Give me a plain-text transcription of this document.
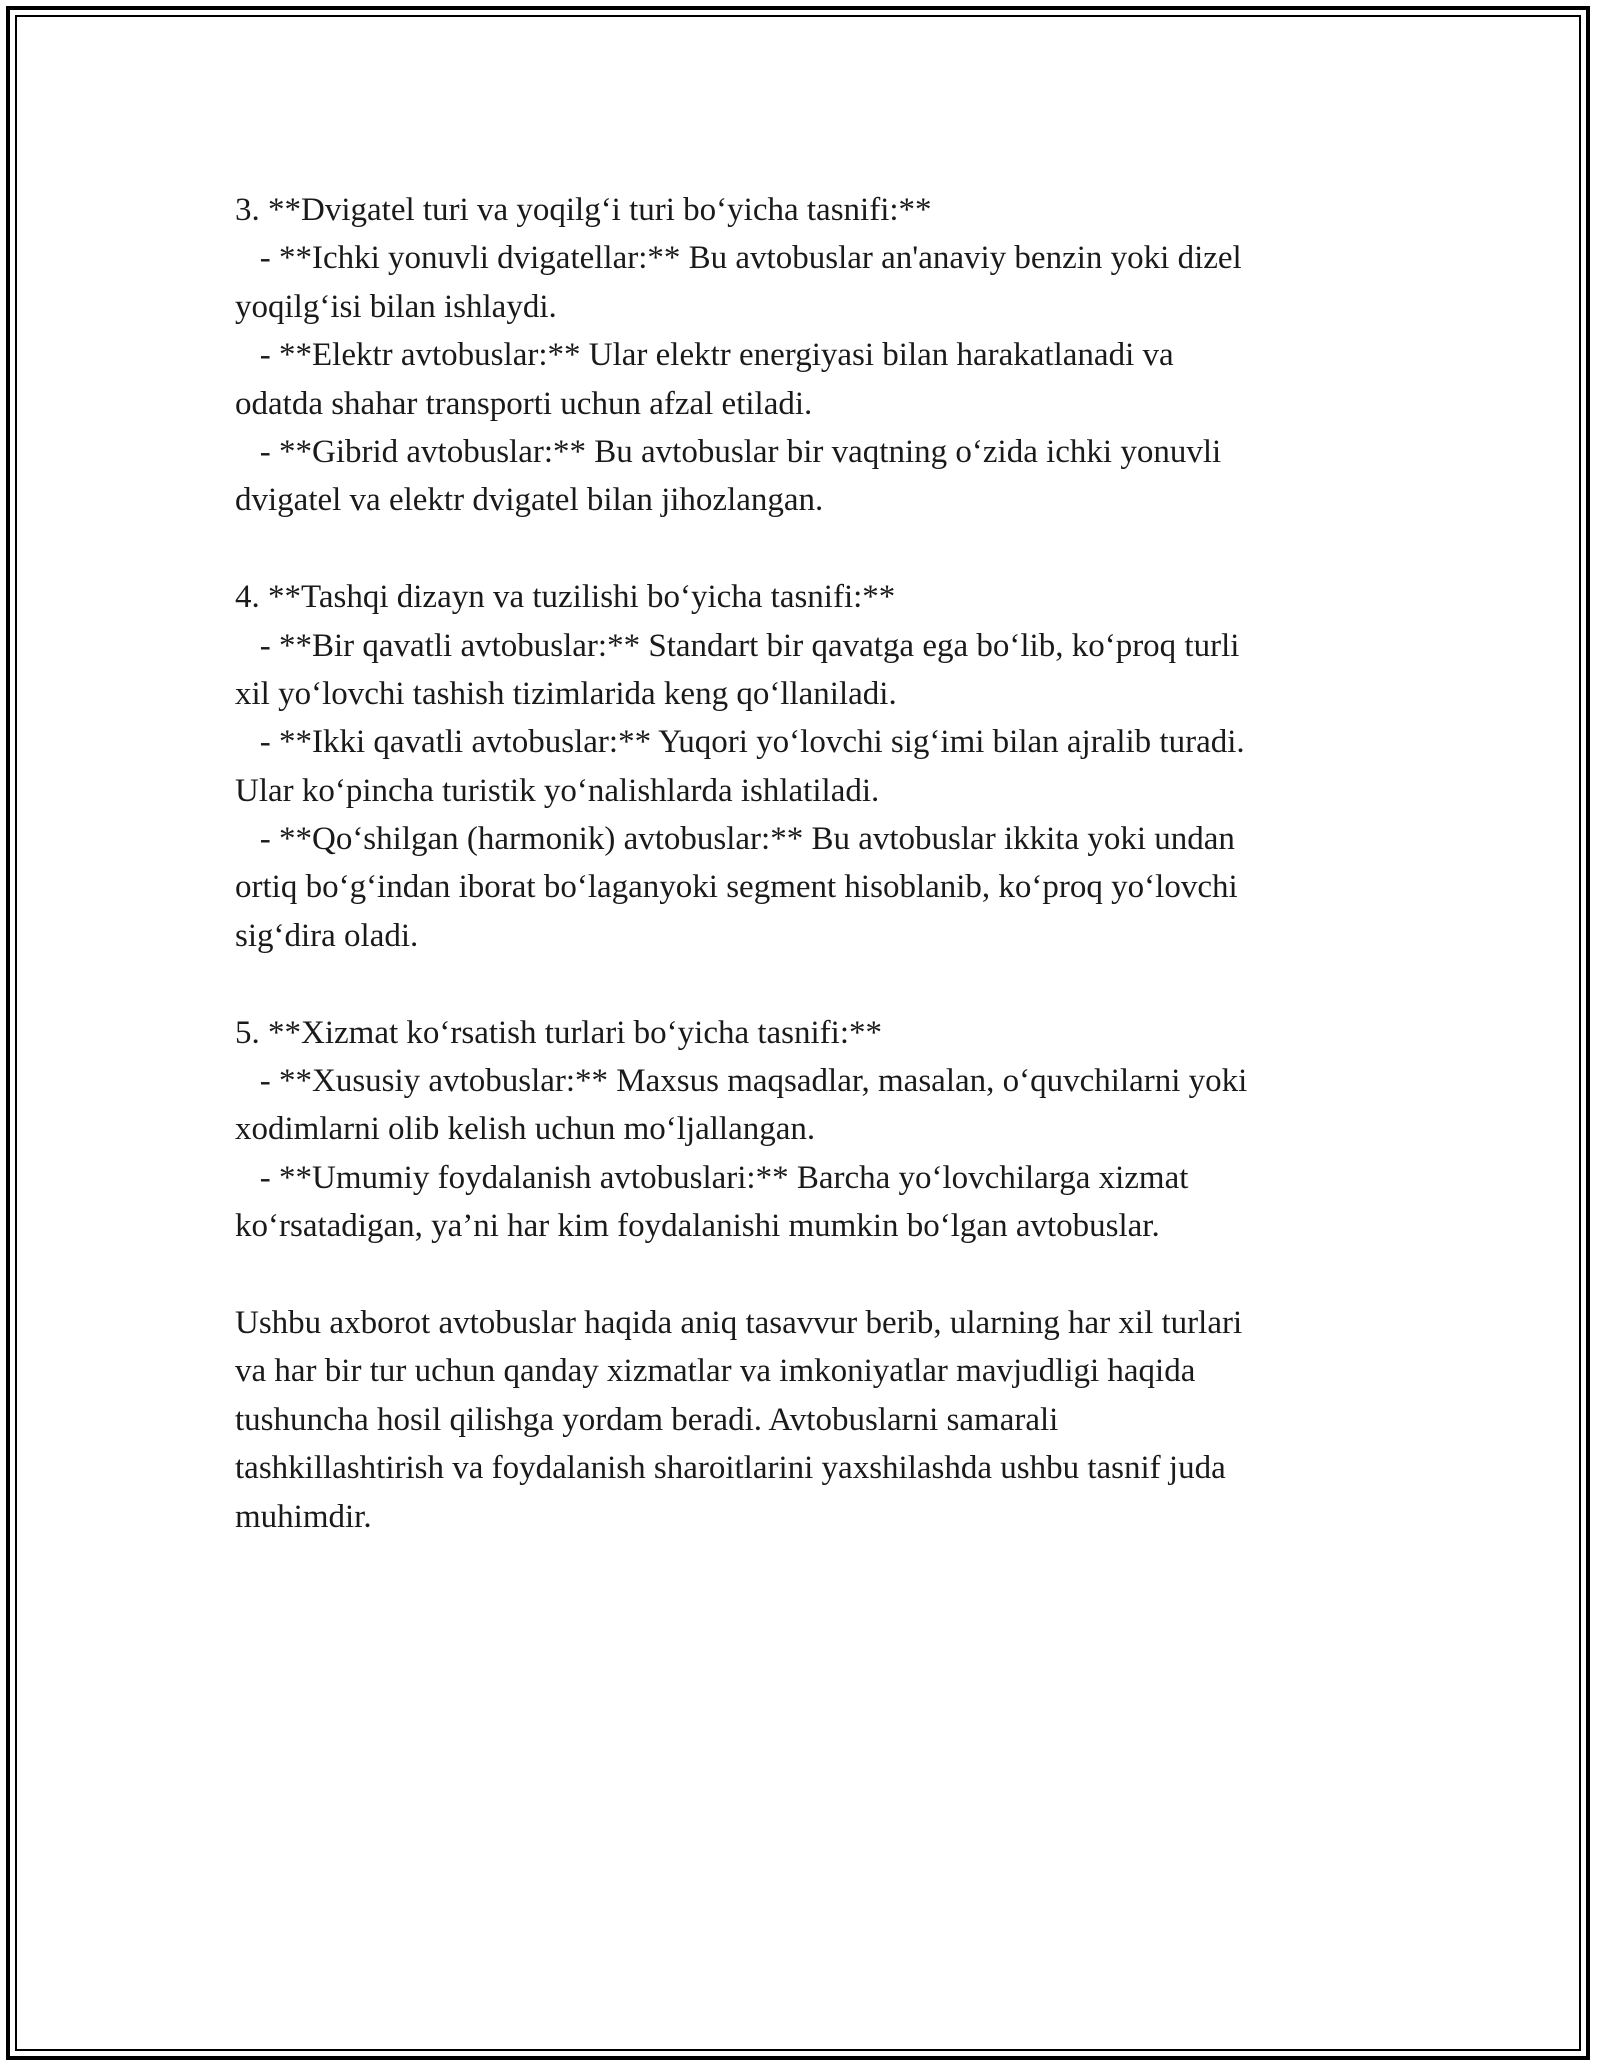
3. **Dvigatel turi va yoqilg‘i turi bo‘yicha tasnifi:**

- **Ichki yonuvli dvigatellar:** Bu avtobuslar an'anaviy benzin yoki dizel

yoqilg‘isi bilan ishlaydi.

- **Elektr avtobuslar:** Ular elektr energiyasi bilan harakatlanadi va

odatda shahar transporti uchun afzal etiladi.

- **Gibrid avtobuslar:** Bu avtobuslar bir vaqtning o‘zida ichki yonuvli

dvigatel va elektr dvigatel bilan jihozlangan.

4. **Tashqi dizayn va tuzilishi bo‘yicha tasnifi:**

- **Bir qavatli avtobuslar:** Standart bir qavatga ega bo‘lib, ko‘proq turli

xil yo‘lovchi tashish tizimlarida keng qo‘llaniladi.

- **Ikki qavatli avtobuslar:** Yuqori yo‘lovchi sig‘imi bilan ajralib turadi.

Ular ko‘pincha turistik yo‘nalishlarda ishlatiladi.

- **Qo‘shilgan (harmonik) avtobuslar:** Bu avtobuslar ikkita yoki undan

ortiq bo‘g‘indan iborat bo‘laganyoki segment hisoblanib, ko‘proq yo‘lovchi

sig‘dira oladi.

5. **Xizmat ko‘rsatish turlari bo‘yicha tasnifi:**

- **Xususiy avtobuslar:** Maxsus maqsadlar, masalan, o‘quvchilarni yoki

xodimlarni olib kelish uchun mo‘ljallangan.

- **Umumiy foydalanish avtobuslari:** Barcha yo‘lovchilarga xizmat

ko‘rsatadigan, ya’ni har kim foydalanishi mumkin bo‘lgan avtobuslar.

Ushbu axborot avtobuslar haqida aniq tasavvur berib, ularning har xil turlari

va har bir tur uchun qanday xizmatlar va imkoniyatlar mavjudligi haqida

tushuncha hosil qilishga yordam beradi. Avtobuslarni samarali

tashkillashtirish va foydalanish sharoitlarini yaxshilashda ushbu tasnif juda

muhimdir.
